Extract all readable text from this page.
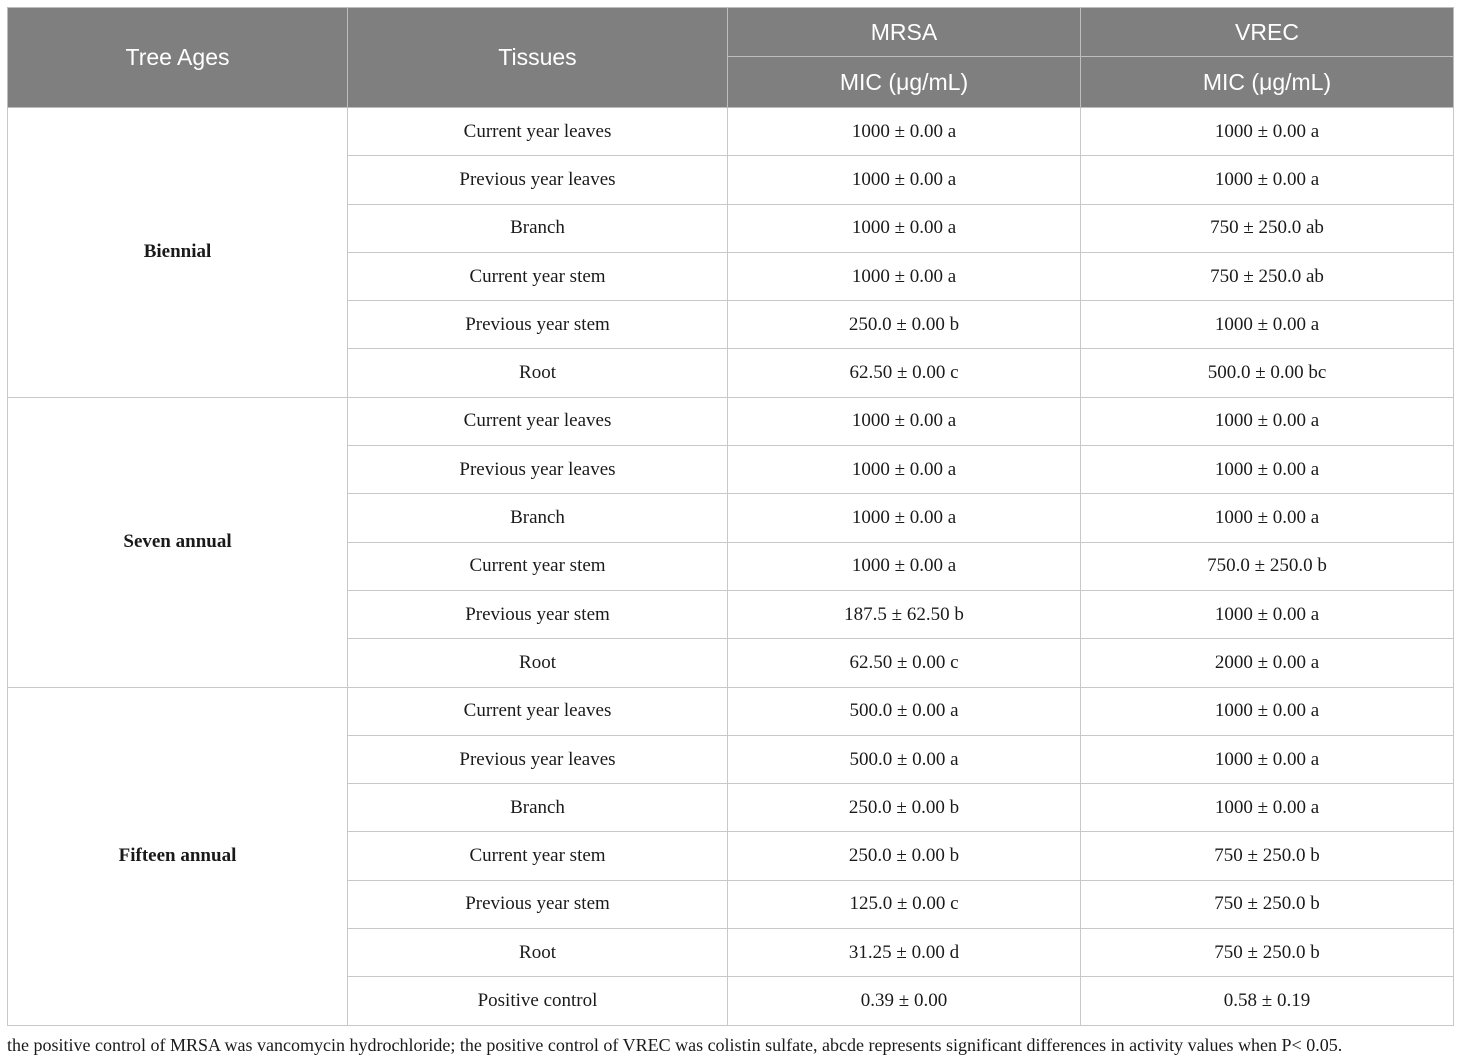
Tree Ages	Tissues	MRSA	VREC
		MIC (μg/mL)	MIC (μg/mL)
Biennial	Current year leaves	1000 ± 0.00 a	1000 ± 0.00 a
	Previous year leaves	1000 ± 0.00 a	1000 ± 0.00 a
	Branch	1000 ± 0.00 a	750 ± 250.0 ab
	Current year stem	1000 ± 0.00 a	750 ± 250.0 ab
	Previous year stem	250.0 ± 0.00 b	1000 ± 0.00 a
	Root	62.50 ± 0.00 c	500.0 ± 0.00 bc
Seven annual	Current year leaves	1000 ± 0.00 a	1000 ± 0.00 a
	Previous year leaves	1000 ± 0.00 a	1000 ± 0.00 a
	Branch	1000 ± 0.00 a	1000 ± 0.00 a
	Current year stem	1000 ± 0.00 a	750.0 ± 250.0 b
	Previous year stem	187.5 ± 62.50 b	1000 ± 0.00 a
	Root	62.50 ± 0.00 c	2000 ± 0.00 a
Fifteen annual	Current year leaves	500.0 ± 0.00 a	1000 ± 0.00 a
	Previous year leaves	500.0 ± 0.00 a	1000 ± 0.00 a
	Branch	250.0 ± 0.00 b	1000 ± 0.00 a
	Current year stem	250.0 ± 0.00 b	750 ± 250.0 b
	Previous year stem	125.0 ± 0.00 c	750 ± 250.0 b
	Root	31.25 ± 0.00 d	750 ± 250.0 b
	Positive control	0.39 ± 0.00	0.58 ± 0.19
the positive control of MRSA was vancomycin hydrochloride; the positive control of VREC was colistin sulfate, abcde represents significant differences in activity values when P< 0.05.
